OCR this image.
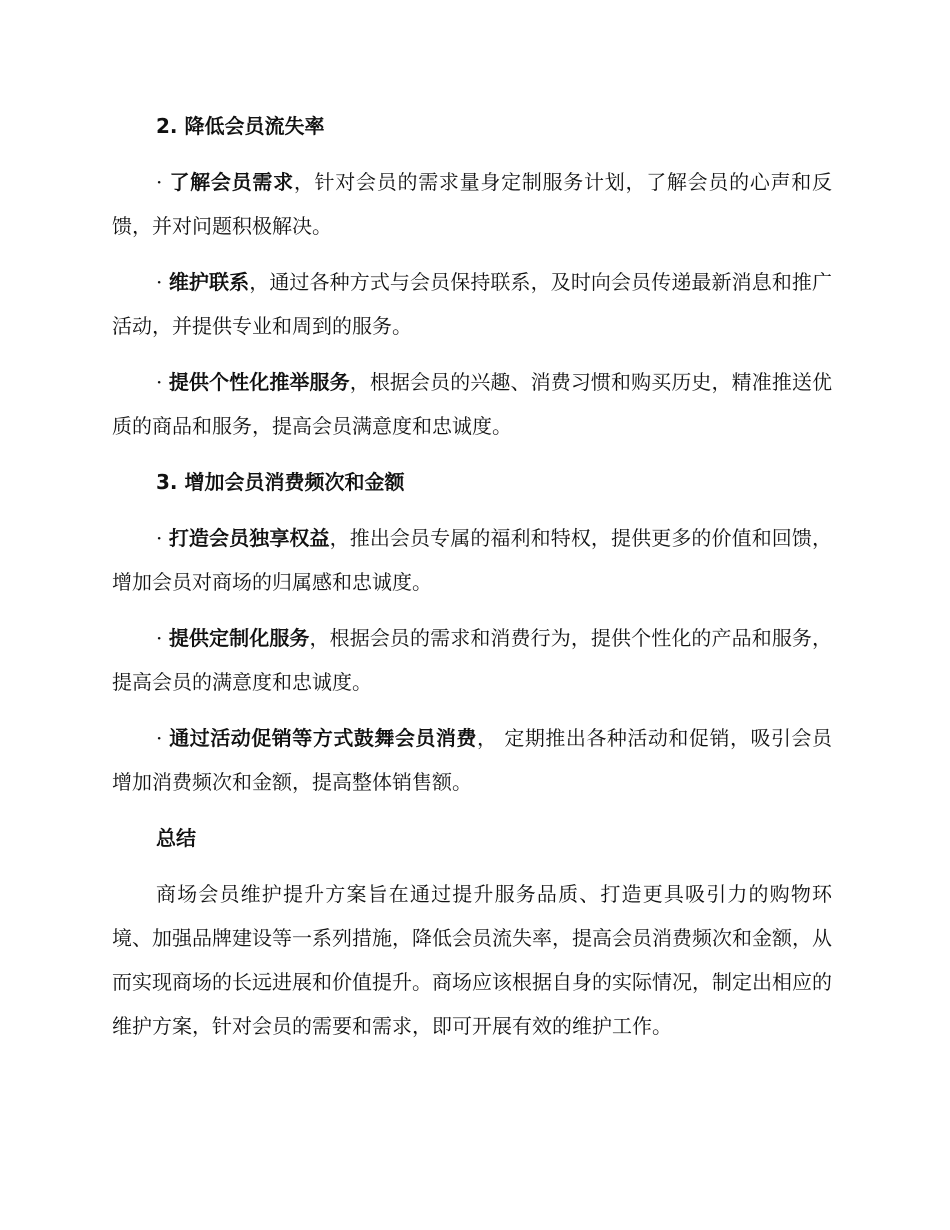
2. 降低会员流失率

· 了解会员需求，针对会员的需求量身定制服务计划，了解会员的心声和反馈，并对问题积极解决。

· 维护联系，通过各种方式与会员保持联系，及时向会员传递最新消息和推广活动，并提供专业和周到的服务。

· 提供个性化推举服务，根据会员的兴趣、消费习惯和购买历史，精准推送优质的商品和服务，提高会员满意度和忠诚度。

3. 增加会员消费频次和金额

· 打造会员独享权益，推出会员专属的福利和特权，提供更多的价值和回馈，增加会员对商场的归属感和忠诚度。

· 提供定制化服务，根据会员的需求和消费行为，提供个性化的产品和服务，提高会员的满意度和忠诚度。

· 通过活动促销等方式鼓舞会员消费， 定期推出各种活动和促销，吸引会员增加消费频次和金额，提高整体销售额。

总结

商场会员维护提升方案旨在通过提升服务品质、打造更具吸引力的购物环境、加强品牌建设等一系列措施，降低会员流失率，提高会员消费频次和金额，从而实现商场的长远进展和价值提升。商场应该根据自身的实际情况，制定出相应的维护方案，针对会员的需要和需求，即可开展有效的维护工作。
